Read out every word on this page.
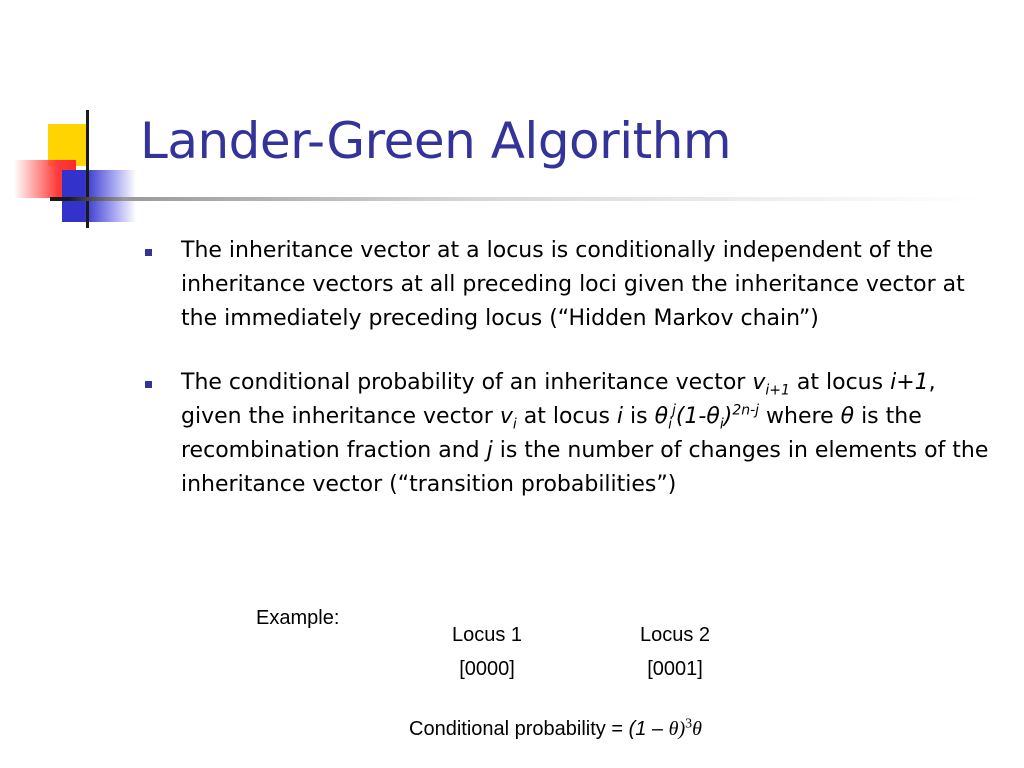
Lander-Green Algorithm
The inheritance vector at a locus is conditionally independent of the inheritance vectors at all preceding loci given the inheritance vector at the immediately preceding locus (“Hidden Markov chain”)
The conditional probability of an inheritance vector $v_{i+1}$ at locus i+1, given the inheritance vector $v_i$ at locus i is $\theta_i^j(1-\theta_i)^{2n-j}$ where θ is the recombination fraction and j is the number of changes in elements of the inheritance vector (“transition probabilities”)
Example:
Locus 1	Locus 2
[0000]	[0001]
Conditional probability = (1 – θ)$^3$θ
